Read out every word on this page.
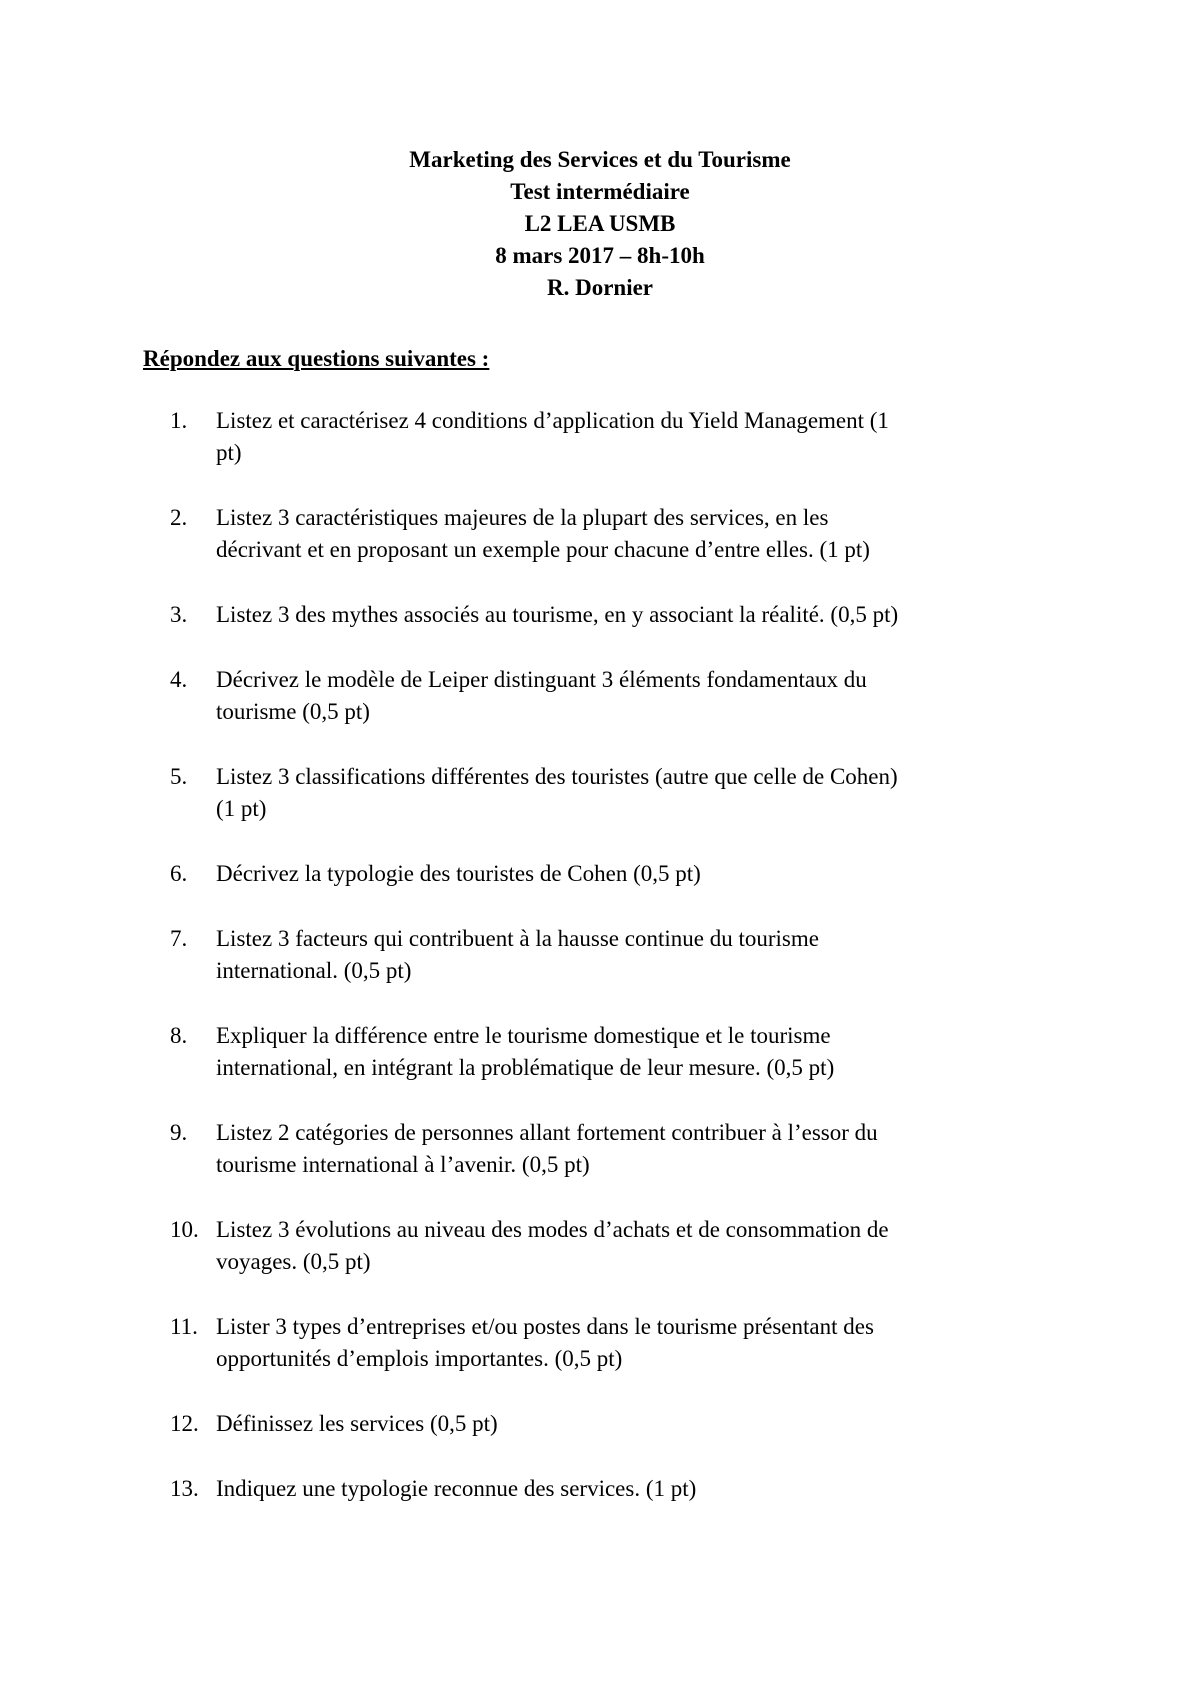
Marketing des Services et du Tourisme
Test intermédiaire
L2 LEA USMB
8 mars 2017 – 8h-10h
R. Dornier
Répondez aux questions suivantes :
1.	Listez et caractérisez 4 conditions d’application du Yield Management (1
pt)
2.	Listez 3 caractéristiques majeures de la plupart des services, en les
décrivant et en proposant un exemple pour chacune d’entre elles. (1 pt)
3.	Listez 3 des mythes associés au tourisme, en y associant la réalité. (0,5 pt)
4.	Décrivez le modèle de Leiper distinguant 3 éléments fondamentaux du
tourisme (0,5 pt)
5.	Listez 3 classifications différentes des touristes (autre que celle de Cohen)
(1 pt)
6.	Décrivez la typologie des touristes de Cohen (0,5 pt)
7.	Listez 3 facteurs qui contribuent à la hausse continue du tourisme
international. (0,5 pt)
8.	Expliquer la différence entre le tourisme domestique et le tourisme
international, en intégrant la problématique de leur mesure. (0,5 pt)
9.	Listez 2 catégories de personnes allant fortement contribuer à l’essor du
tourisme international à l’avenir. (0,5 pt)
10. Listez 3 évolutions au niveau des modes d’achats et de consommation de
voyages. (0,5 pt)
11. Lister 3 types d’entreprises et/ou postes dans le tourisme présentant des
opportunités d’emplois importantes. (0,5 pt)
12. Définissez les services (0,5 pt)
13. Indiquez une typologie reconnue des services. (1 pt)
